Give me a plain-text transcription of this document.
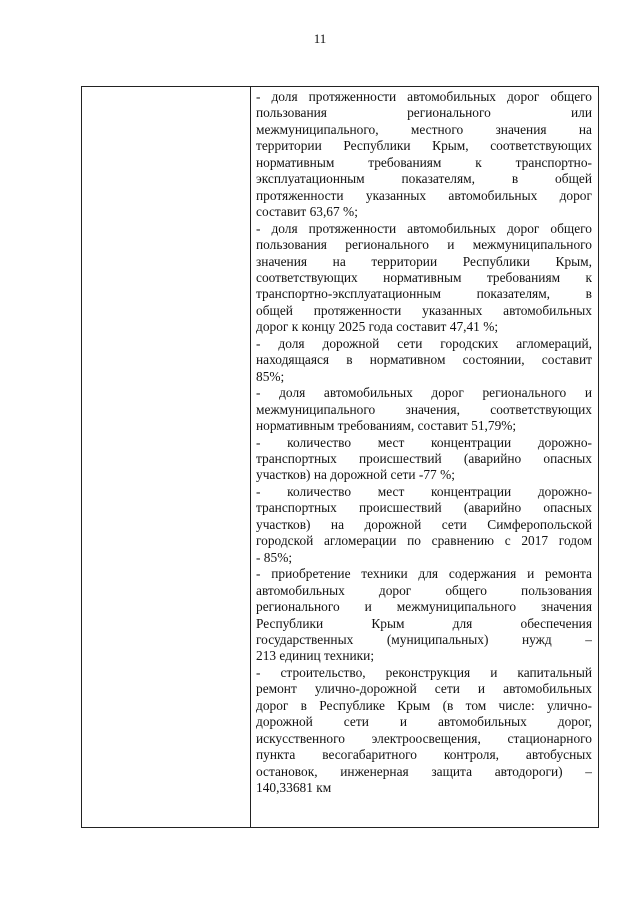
11
- доля протяженности автомобильных дорог общего
пользования регионального или
межмуниципального, местного значения на
территории Республики Крым, соответствующих
нормативным требованиям к транспортно-
эксплуатационным показателям, в общей
протяженности указанных автомобильных дорог
составит 63,67 %;
- доля протяженности автомобильных дорог общего
пользования регионального и межмуниципального
значения на территории Республики Крым,
соответствующих нормативным требованиям к
транспортно-эксплуатационным показателям, в
общей протяженности указанных автомобильных
дорог к концу 2025 года составит 47,41 %;
- доля дорожной сети городских агломераций,
находящаяся в нормативном состоянии, составит
85%;
- доля автомобильных дорог регионального и
межмуниципального значения, соответствующих
нормативным требованиям, составит 51,79%;
- количество мест концентрации дорожно-
транспортных происшествий (аварийно опасных
участков) на дорожной сети -77 %;
- количество мест концентрации дорожно-
транспортных происшествий (аварийно опасных
участков) на дорожной сети Симферопольской
городской агломерации по сравнению с 2017 годом
- 85%;
- приобретение техники для содержания и ремонта
автомобильных дорог общего пользования
регионального и межмуниципального значения
Республики Крым для обеспечения
государственных (муниципальных) нужд –
213 единиц техники;
- строительство, реконструкция и капитальный
ремонт улично-дорожной сети и автомобильных
дорог в Республике Крым (в том числе: улично-
дорожной сети и автомобильных дорог,
искусственного электроосвещения, стационарного
пункта весогабаритного контроля, автобусных
остановок, инженерная защита автодороги) –
140,33681 км
